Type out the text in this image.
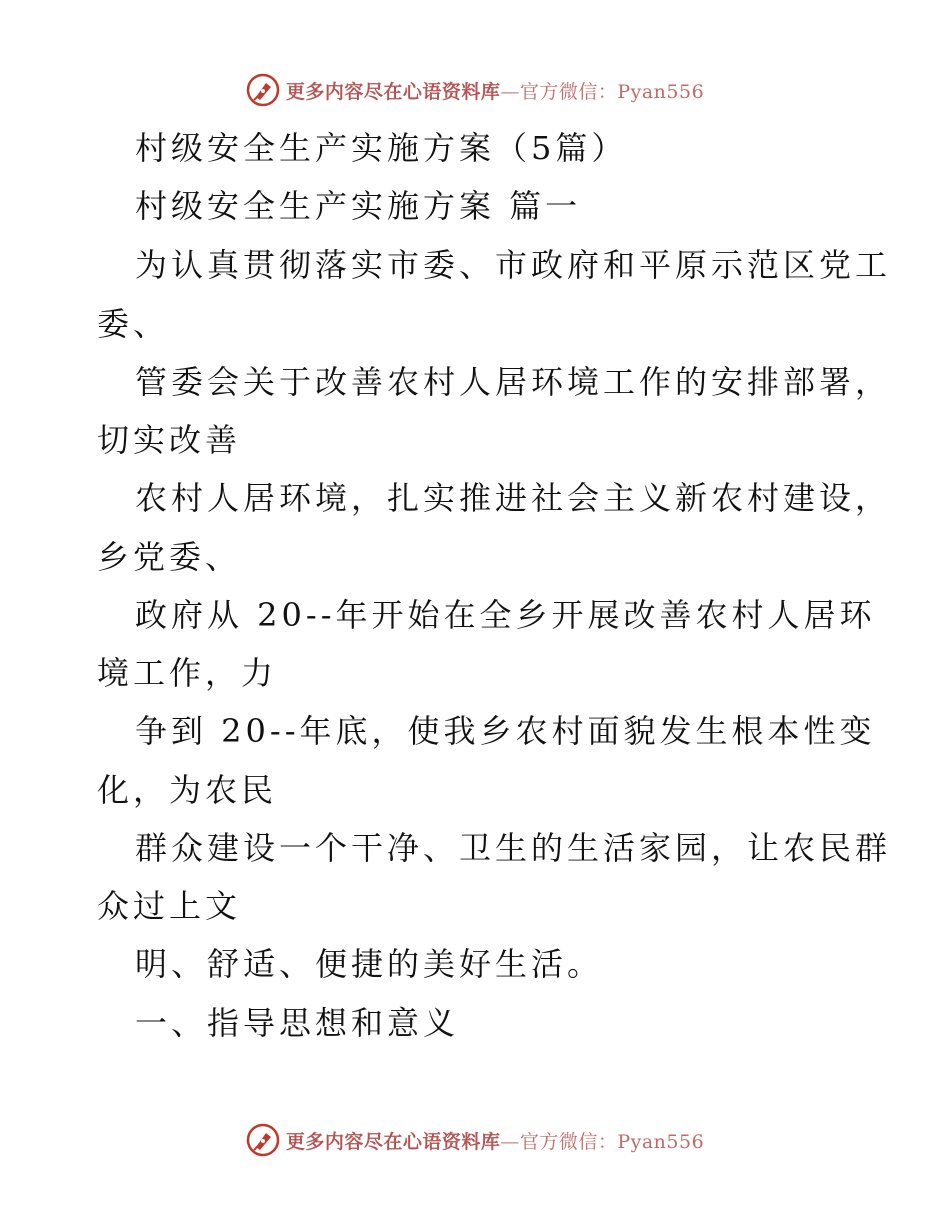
更多内容尽在心语资料库—官方微信：Pyan556
村级安全生产实施方案（5篇）
村级安全生产实施方案 篇一
为认真贯彻落实市委、市政府和平原示范区党工
委、
管委会关于改善农村人居环境工作的安排部署，
切实改善
农村人居环境，扎实推进社会主义新农村建设，
乡党委、
政府从 20--年开始在全乡开展改善农村人居环
境工作，力
争到 20--年底，使我乡农村面貌发生根本性变
化，为农民
群众建设一个干净、卫生的生活家园，让农民群
众过上文
明、舒适、便捷的美好生活。
一、指导思想和意义
更多内容尽在心语资料库—官方微信：Pyan556
